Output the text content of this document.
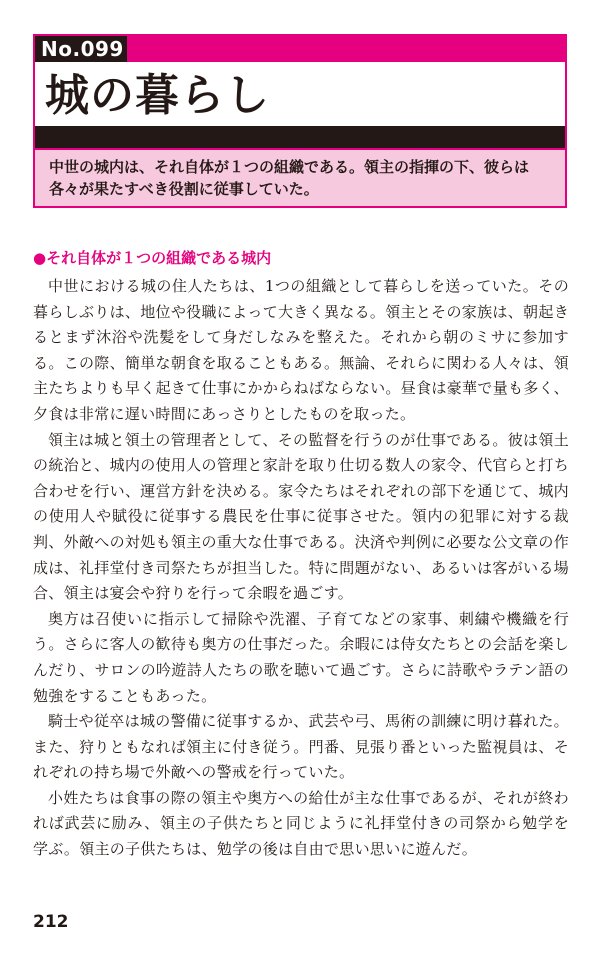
No.099
城の暮らし
中世の城内は、それ自体が１つの組織である。領主の指揮の下、彼らは各々が果たすべき役割に従事していた。
●それ自体が１つの組織である城内

中世における城の住人たちは、1つの組織として暮らしを送っていた。その暮らしぶりは、地位や役職によって大きく異なる。領主とその家族は、朝起きるとまず沐浴や洗髪をして身だしなみを整えた。それから朝のミサに参加する。この際、簡単な朝食を取ることもある。無論、それらに関わる人々は、領主たちよりも早く起きて仕事にかからねばならない。昼食は豪華で量も多く、夕食は非常に遅い時間にあっさりとしたものを取った。

領主は城と領土の管理者として、その監督を行うのが仕事である。彼は領土の統治と、城内の使用人の管理と家計を取り仕切る数人の家令、代官らと打ち合わせを行い、運営方針を決める。家令たちはそれぞれの部下を通じて、城内の使用人や賦役に従事する農民を仕事に従事させた。領内の犯罪に対する裁判、外敵への対処も領主の重大な仕事である。決済や判例に必要な公文章の作成は、礼拝堂付き司祭たちが担当した。特に問題がない、あるいは客がいる場合、領主は宴会や狩りを行って余暇を過ごす。

奥方は召使いに指示して掃除や洗濯、子育てなどの家事、刺繍や機織を行う。さらに客人の歓待も奥方の仕事だった。余暇には侍女たちとの会話を楽しんだり、サロンの吟遊詩人たちの歌を聴いて過ごす。さらに詩歌やラテン語の勉強をすることもあった。

騎士や従卒は城の警備に従事するか、武芸や弓、馬術の訓練に明け暮れた。また、狩りともなれば領主に付き従う。門番、見張り番といった監視員は、それぞれの持ち場で外敵への警戒を行っていた。

小姓たちは食事の際の領主や奥方への給仕が主な仕事であるが、それが終われば武芸に励み、領主の子供たちと同じように礼拝堂付きの司祭から勉学を学ぶ。領主の子供たちは、勉学の後は自由で思い思いに遊んだ。

212
